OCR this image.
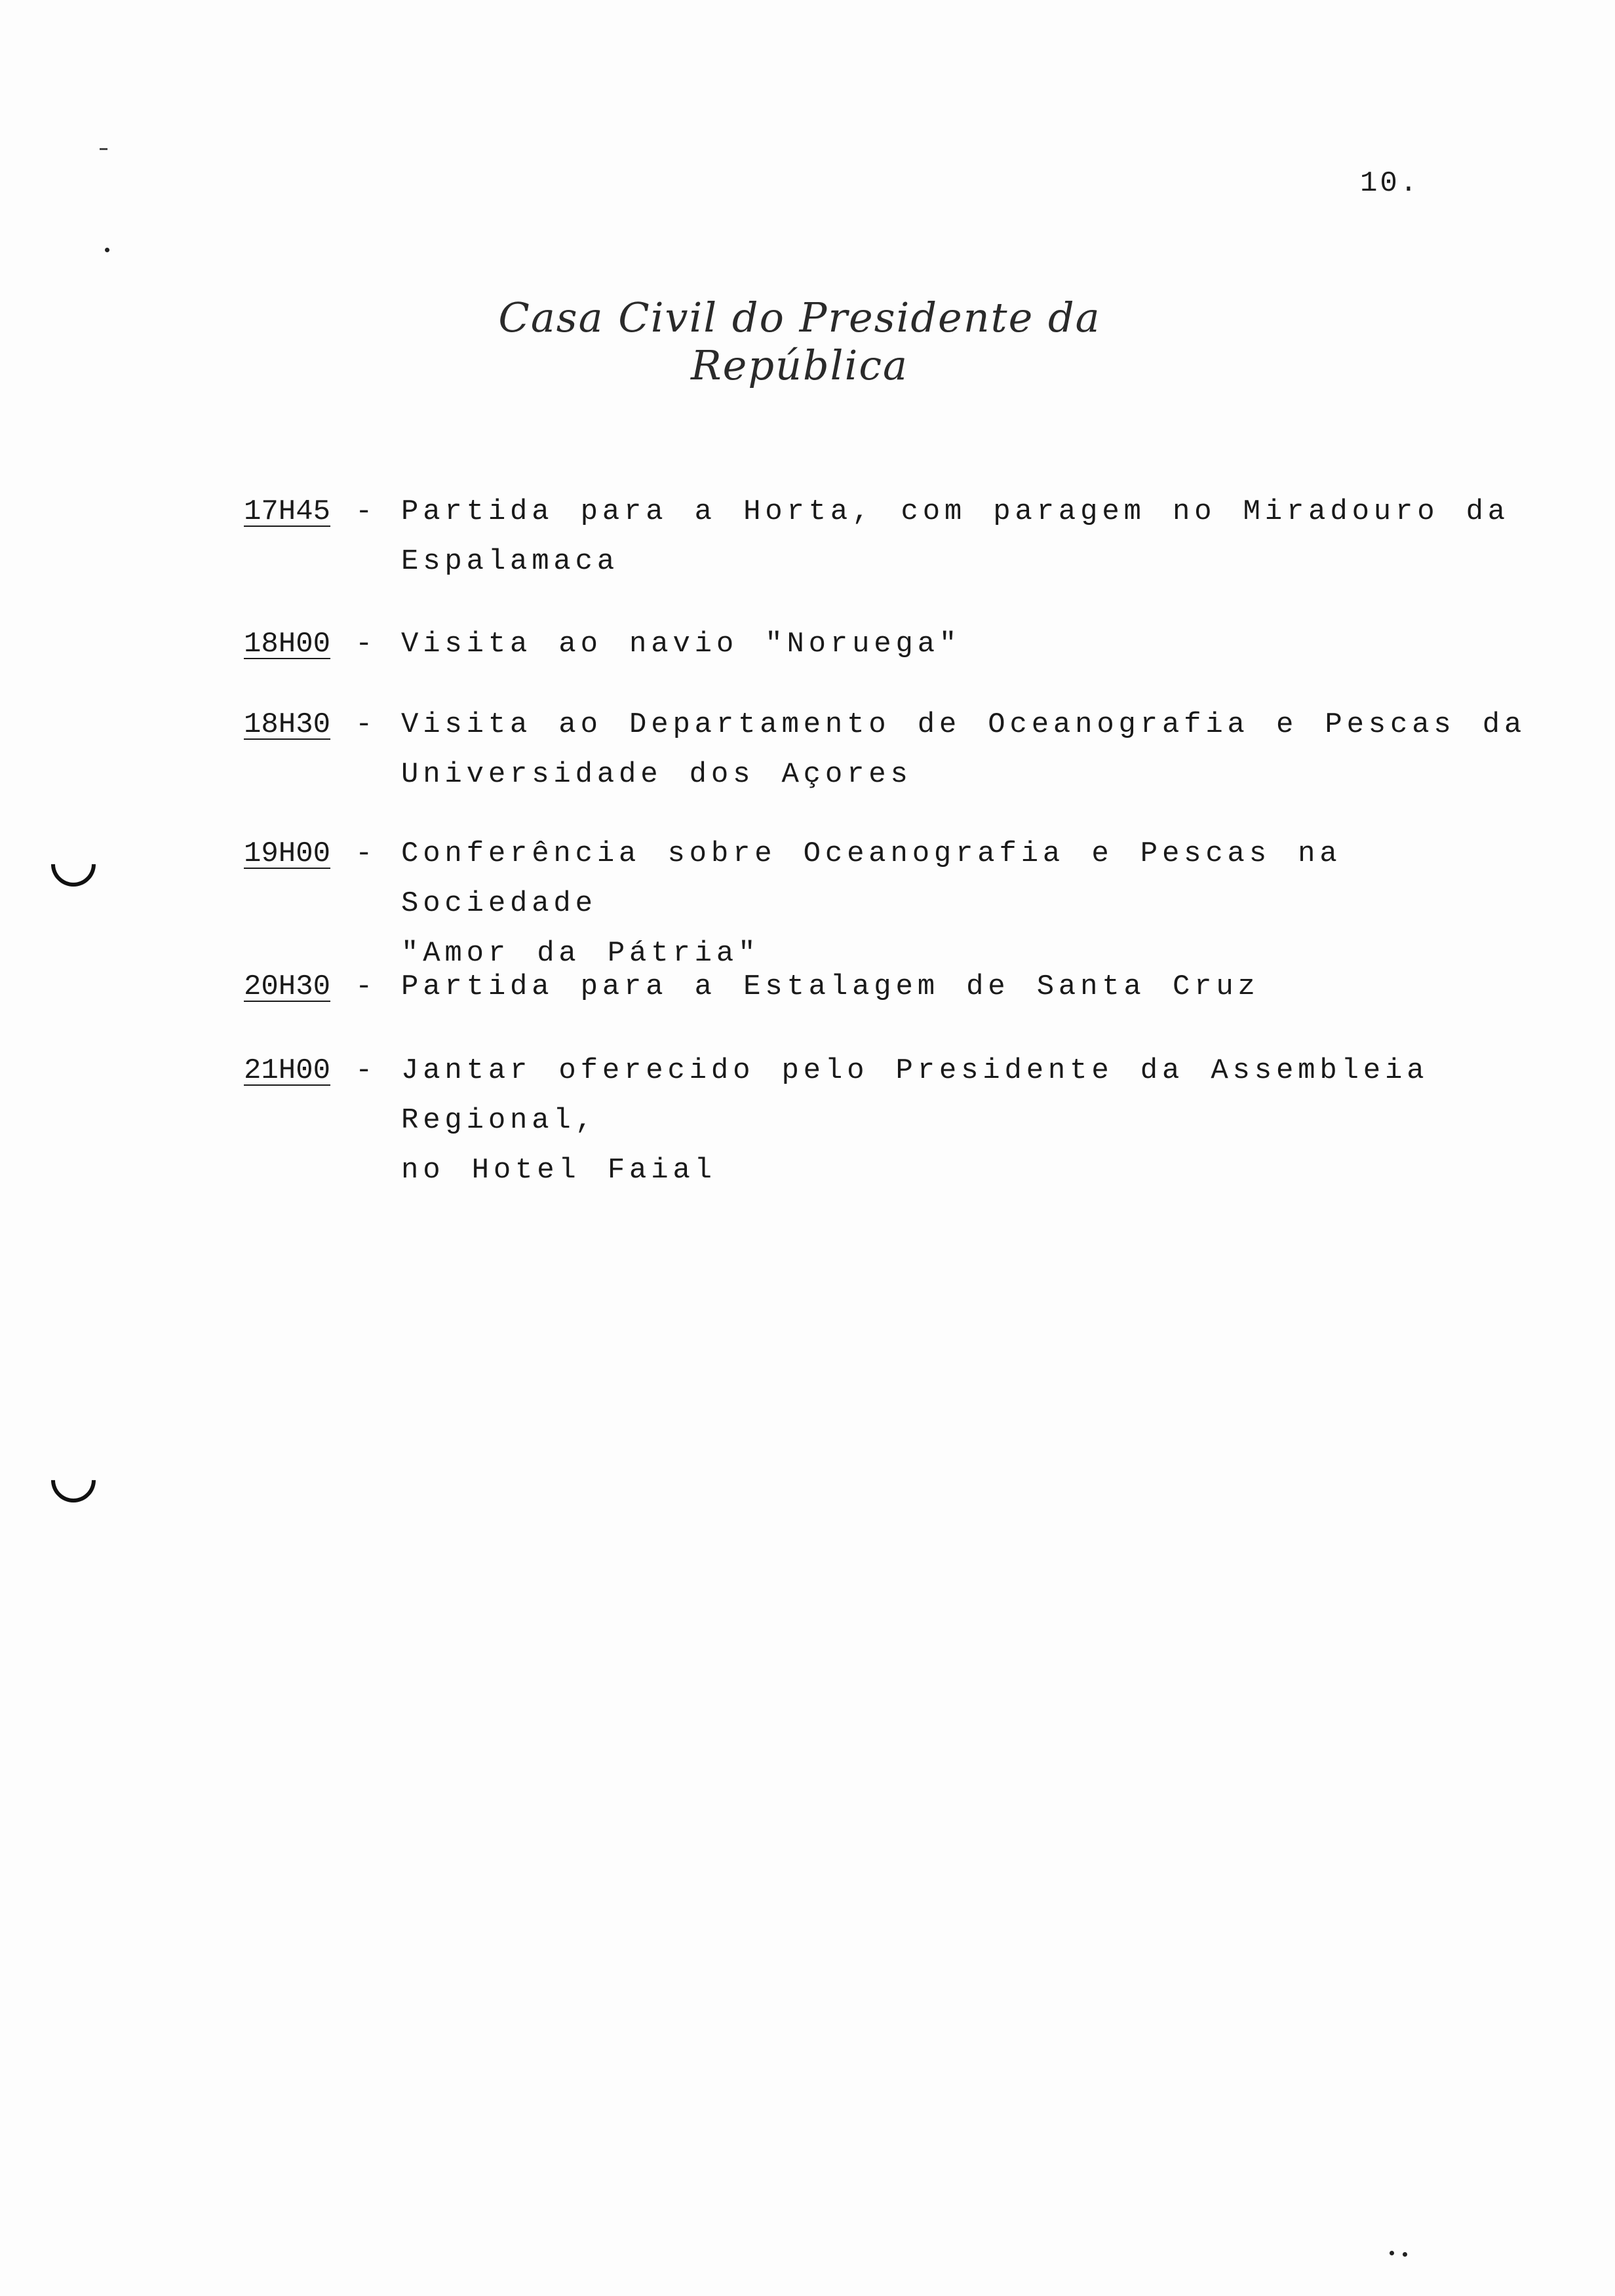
10.

Casa Civil do Presidente da República

17H45 - Partida para a Horta, com paragem no Miradouro da
Espalamaca
18H00 - Visita ao navio "Noruega"
18H30 - Visita ao Departamento de Oceanografia e Pescas da
Universidade dos Açores
19H00 - Conferência sobre Oceanografia e Pescas na Sociedade
"Amor da Pátria"
20H30 - Partida para a Estalagem de Santa Cruz
21H00 - Jantar oferecido pelo Presidente da Assembleia Regional,
no Hotel Faial
